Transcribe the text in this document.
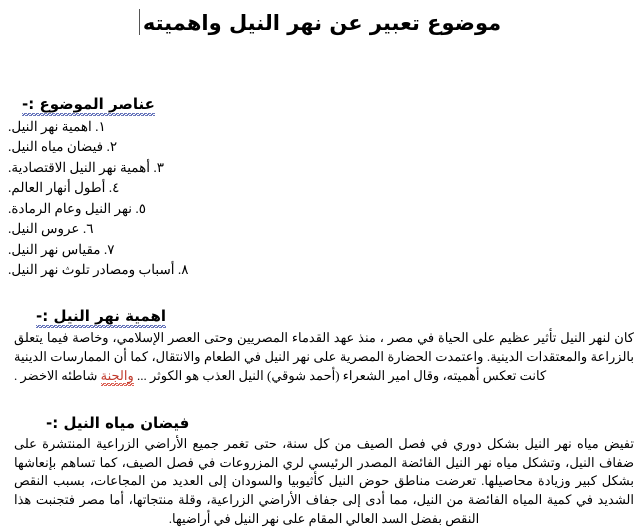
موضوع تعبير عن نهر النيل واهميته
عناصر الموضوع :-
١. اهمية نهر النيل.
٢. فيضان مياه النيل.
٣. أهمية نهر النيل الاقتصادية.
٤. أطول أنهار العالم.
٥. نهر النيل وعام الرمادة.
٦. عروس النيل.
٧. مقياس نهر النيل.
٨. أسباب ومصادر تلوث نهر النيل.
اهمية نهر النيل :-

كان لنهر النيل تأثير عظيم على الحياة في مصر ، منذ عهد القدماء المصريين وحتى العصر الإسلامي، وخاصة فيما يتعلق بالزراعة والمعتقدات الدينية. واعتمدت الحضارة المصرية على نهر النيل في الطعام والانتقال، كما أن الممارسات الدينية كانت تعكس أهميته، وقال امير الشعراء (أحمد شوقي) النيل العذب هو الكوثر ... والجنة شاطئه الاخضر .

فيضان مياه النيل :-

تفيض مياه نهر النيل بشكل دوري في فصل الصيف من كل سنة، حتى تغمر جميع الأراضي الزراعية المنتشرة على ضفاف النيل، وتشكل مياه نهر النيل الفائضة المصدر الرئيسي لري المزروعات في فصل الصيف، كما تساهم بإنعاشها بشكل كبير وزيادة محاصيلها. تعرضت مناطق حوض النيل كأثيوبيا والسودان إلى العديد من المجاعات، بسبب النقص الشديد في كمية المياه الفائضة من النيل، مما أدى إلى جفاف الأراضي الزراعية، وقلة منتجاتها، أما مصر فتجنبت هذا النقص بفضل السد العالي المقام على نهر النيل في أراضيها.
